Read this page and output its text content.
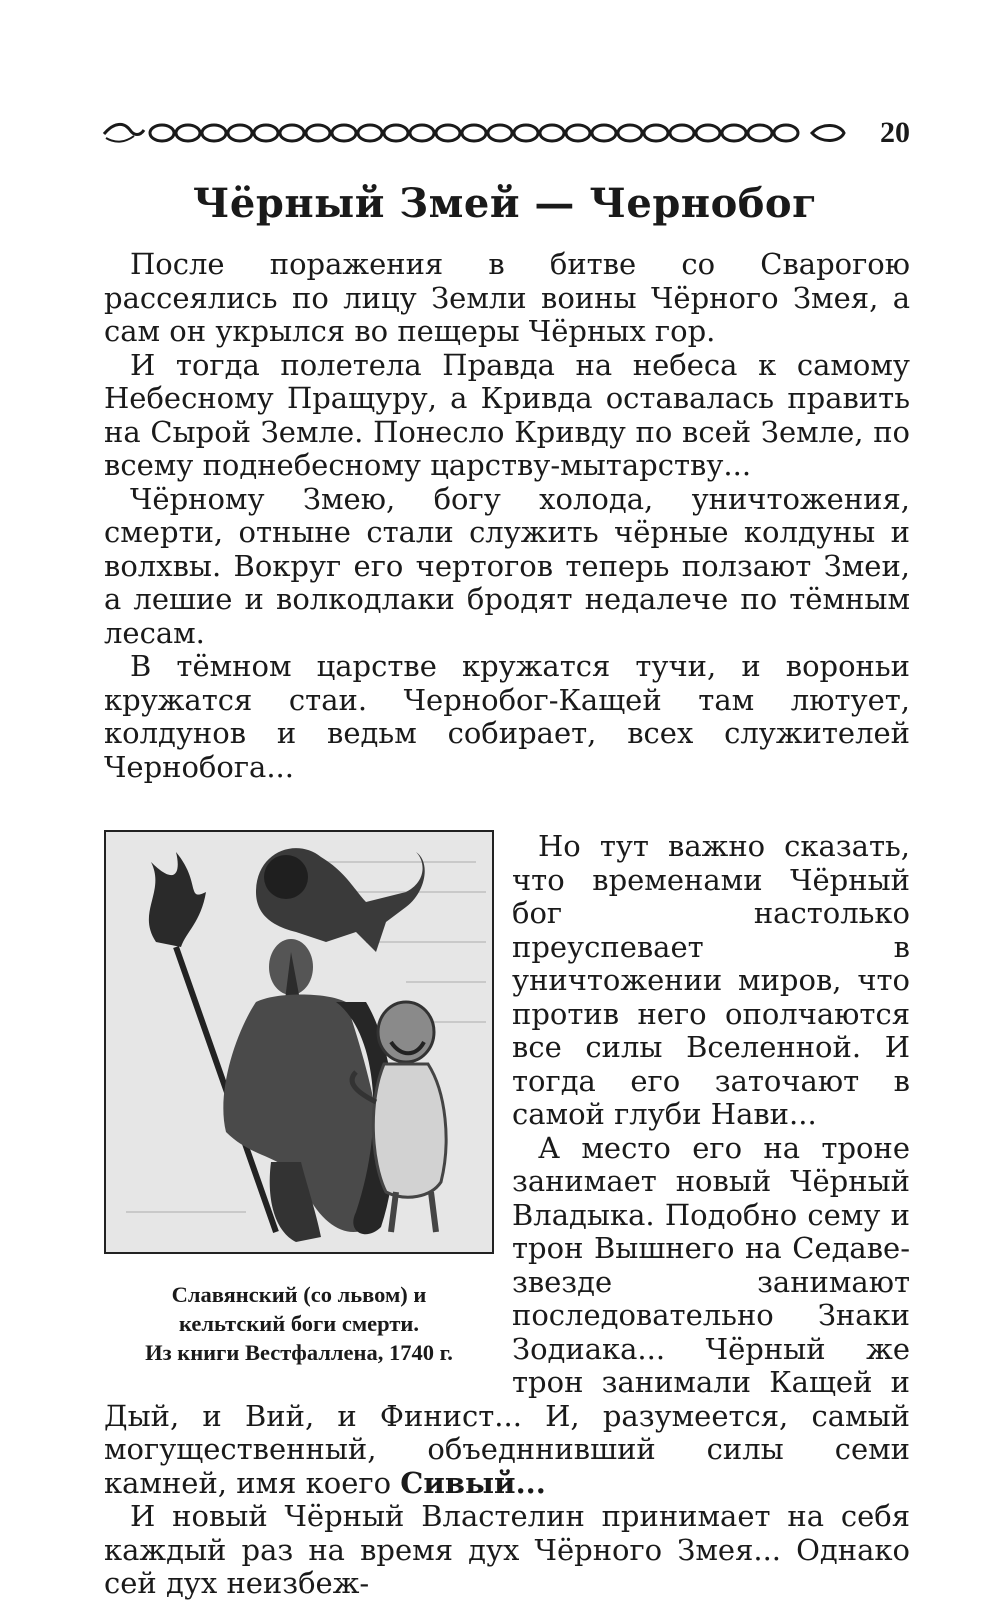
20
Чёрный Змей — Чернобог

После поражения в битве со Сварогою рассеялись по лицу Земли воины Чёрного Змея, а сам он укрылся во пещеры Чёрных гор.

И тогда полетела Правда на небеса к самому Небесному Пращуру, а Кривда оставалась править на Сырой Земле. Понесло Кривду по всей Земле, по всему поднебесному царству-мытарству...

Чёрному Змею, богу холода, уничтожения, смерти, отныне стали служить чёрные колдуны и волхвы. Вокруг его чертогов теперь ползают Змеи, а лешие и волкодлаки бродят недалече по тёмным лесам.

В тёмном царстве кружатся тучи, и вороньи кружатся стаи. Чернобог-Кащей там лютует, колдунов и ведьм собирает, всех служителей Чернобога...

Славянский (со львом) и
кельтский боги смерти.
Из книги Вестфаллена, 1740 г.

Но тут важно сказать, что временами Чёрный бог настолько преуспевает в уничтожении миров, что против него ополчаются все силы Вселенной. И тогда его заточают в самой глуби Нави...

А место его на троне занимает новый Чёрный Владыка. Подобно сему и трон Вышнего на Седаве-звезде занимают последовательно Знаки Зодиака... Чёрный же трон занимали Кащей и Дый, и Вий, и Финист... И, разумеется, самый могущественный, объедннивший силы семи камней, имя коего Сивый...

И новый Чёрный Властелин принимает на себя каждый раз на время дух Чёрного Змея... Однако сей дух неизбеж-
